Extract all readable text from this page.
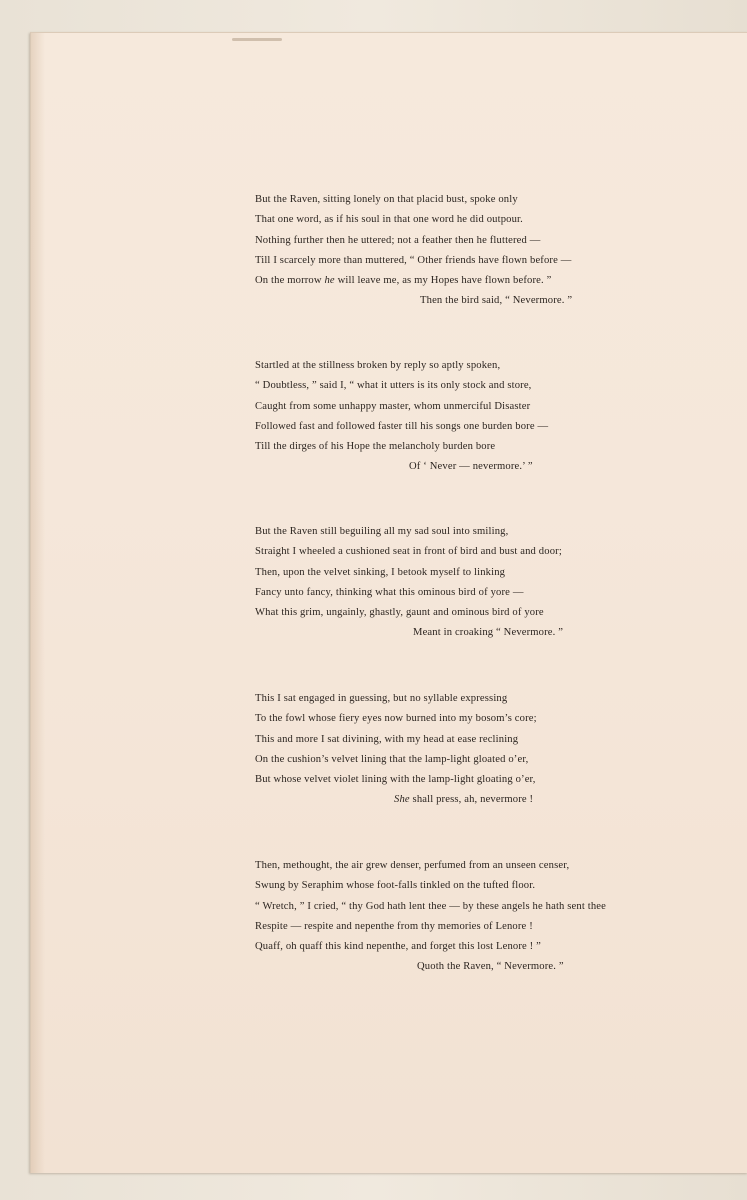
But the Raven, sitting lonely on that placid bust, spoke only
That one word, as if his soul in that one word he did outpour.
Nothing further then he uttered; not a feather then he fluttered —
Till I scarcely more than muttered, “ Other friends have flown before —
On the morrow he will leave me, as my Hopes have flown before. ”
Then the bird said, “ Nevermore. ”
Startled at the stillness broken by reply so aptly spoken,
“ Doubtless, ” said I, “ what it utters is its only stock and store,
Caught from some unhappy master, whom unmerciful Disaster
Followed fast and followed faster till his songs one burden bore —
Till the dirges of his Hope the melancholy burden bore
Of ‘ Never — nevermore.’ ”
But the Raven still beguiling all my sad soul into smiling,
Straight I wheeled a cushioned seat in front of bird and bust and door;
Then, upon the velvet sinking, I betook myself to linking
Fancy unto fancy, thinking what this ominous bird of yore —
What this grim, ungainly, ghastly, gaunt and ominous bird of yore
Meant in croaking “ Nevermore. ”
This I sat engaged in guessing, but no syllable expressing
To the fowl whose fiery eyes now burned into my bosom’s core;
This and more I sat divining, with my head at ease reclining
On the cushion’s velvet lining that the lamp-light gloated o’er,
But whose velvet violet lining with the lamp-light gloating o’er,
She shall press, ah, nevermore !
Then, methought, the air grew denser, perfumed from an unseen censer,
Swung by Seraphim whose foot-falls tinkled on the tufted floor.
“ Wretch, ” I cried, “ thy God hath lent thee — by these angels he hath sent thee
Respite — respite and nepenthe from thy memories of Lenore !
Quaff, oh quaff this kind nepenthe, and forget this lost Lenore ! ”
Quoth the Raven, “ Nevermore. ”
